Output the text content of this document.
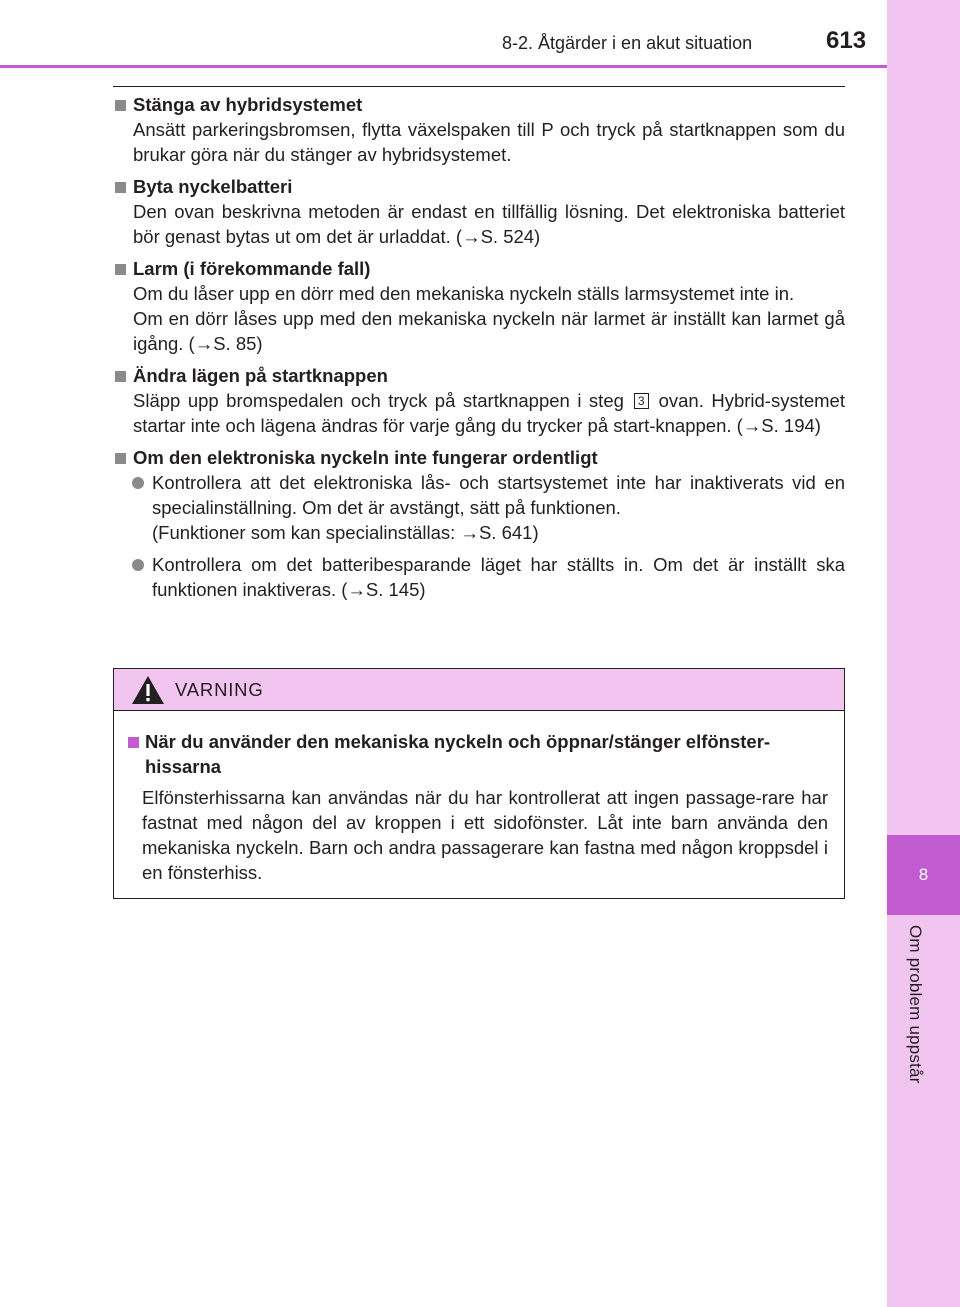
8
Om problem uppstår
8-2. Åtgärder i en akut situation	613
Stänga av hybridsystemet
Ansätt parkeringsbromsen, flytta växelspaken till P och tryck på startknappen som du brukar göra när du stänger av hybridsystemet.
Byta nyckelbatteri
Den ovan beskrivna metoden är endast en tillfällig lösning. Det elektroniska batteriet bör genast bytas ut om det är urladdat. (→S. 524)
Larm (i förekommande fall)
Om du låser upp en dörr med den mekaniska nyckeln ställs larmsystemet inte in.
Om en dörr låses upp med den mekaniska nyckeln när larmet är inställt kan larmet gå igång. (→S. 85)
Ändra lägen på startknappen
Släpp upp bromspedalen och tryck på startknappen i steg 3 ovan. Hybrid-systemet startar inte och lägena ändras för varje gång du trycker på start-knappen. (→S. 194)
Om den elektroniska nyckeln inte fungerar ordentligt
Kontrollera att det elektroniska lås- och startsystemet inte har inaktiverats vid en specialinställning. Om det är avstängt, sätt på funktionen.
(Funktioner som kan specialinställas: →S. 641)
Kontrollera om det batteribesparande läget har ställts in. Om det är inställt ska funktionen inaktiveras. (→S. 145)
VARNING
När du använder den mekaniska nyckeln och öppnar/stänger elfönster-hissarna
Elfönsterhissarna kan användas när du har kontrollerat att ingen passage-rare har fastnat med någon del av kroppen i ett sidofönster. Låt inte barn använda den mekaniska nyckeln. Barn och andra passagerare kan fastna med någon kroppsdel i en fönsterhiss.
